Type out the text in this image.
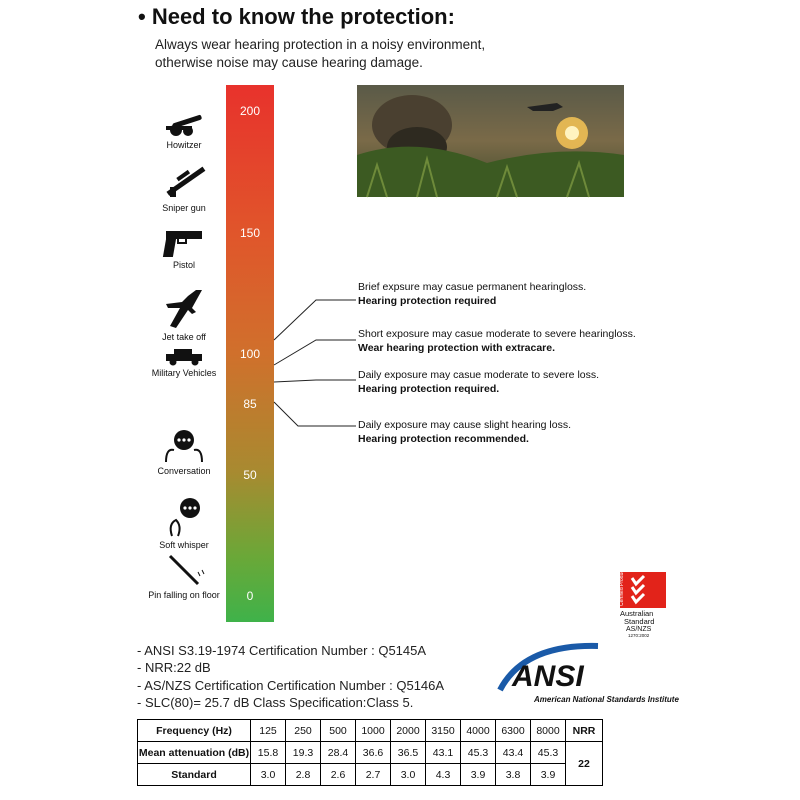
• Need to know the protection:
Always wear hearing protection in a noisy environment,
otherwise noise may cause hearing damage.
Howitzer
Sniper gun
Pistol
Jet take off
Military Vehicles
Conversation
Soft whisper
Pin falling on floor
200
150
100
85
50
0
Brief expsure may casue permanent hearingloss.
Hearing protection required
Short exposure may casue moderate to severe hearingloss.
Wear hearing protection with extracare.
Daily exposure may casue moderate to severe loss.
Hearing protection required.
Daily exposure may cause slight hearing loss.
Hearing protection recommended.
- ANSI S3.19-1974 Certification Number : Q5145A
- NRR:22 dB
- AS/NZS Certification Certification Number : Q5146A
- SLC(80)= 25.7 dB Class Specification:Class 5.
ANSI
American National Standards Institute
Certified Product
Australian
Standard
AS/NZS
1270:2002
Frequency (Hz)	125	250	500	1000	2000	3150	4000	6300	8000	NRR
Mean attenuation (dB)	15.8	19.3	28.4	36.6	36.5	43.1	45.3	43.4	45.3	22
Standard	3.0	2.8	2.6	2.7	3.0	4.3	3.9	3.8	3.9	
